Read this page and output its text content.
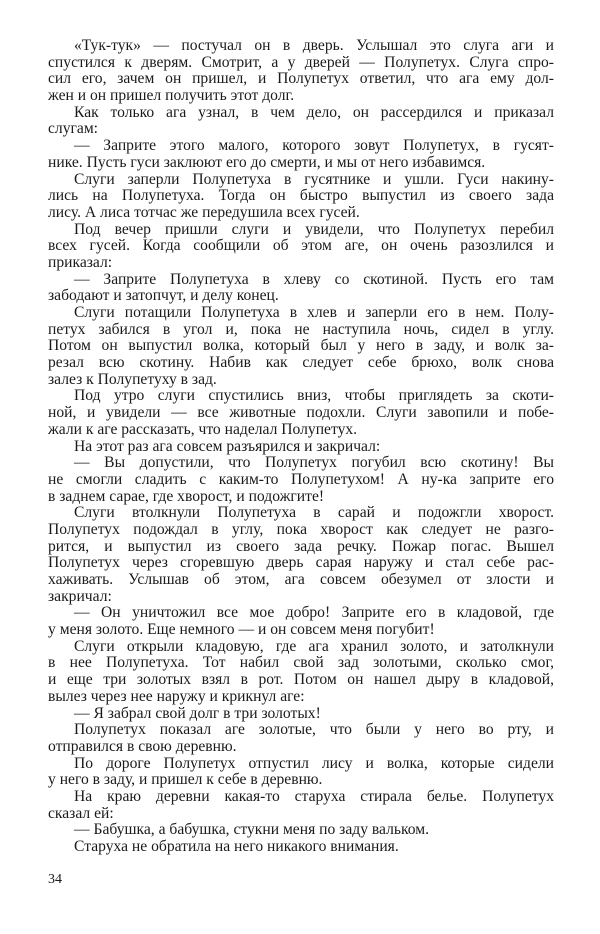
«Тук-тук» — постучал он в дверь. Услышал это слуга аги и
спустился к дверям. Смотрит, а у дверей — Полупетух. Слуга спро-
сил его, зачем он пришел, и Полупетух ответил, что ага ему дол-
жен и он пришел получить этот долг.
Как только ага узнал, в чем дело, он рассердился и приказал
слугам:
— Заприте этого малого, которого зовут Полупетух, в гусят-
нике. Пусть гуси заклюют его до смерти, и мы от него избавимся.
Слуги заперли Полупетуха в гусятнике и ушли. Гуси накину-
лись на Полупетуха. Тогда он быстро выпустил из своего зада
лису. А лиса тотчас же передушила всех гусей.
Под вечер пришли слуги и увидели, что Полупетух перебил
всех гусей. Когда сообщили об этом аге, он очень разозлился и
приказал:
— Заприте Полупетуха в хлеву со скотиной. Пусть его там
забодают и затопчут, и делу конец.
Слуги потащили Полупетуха в хлев и заперли его в нем. Полу-
петух забился в угол и, пока не наступила ночь, сидел в углу.
Потом он выпустил волка, который был у него в заду, и волк за-
резал всю скотину. Набив как следует себе брюхо, волк снова
залез к Полупетуху в зад.
Под утро слуги спустились вниз, чтобы приглядеть за скоти-
ной, и увидели — все животные подохли. Слуги завопили и побе-
жали к аге рассказать, что наделал Полупетух.
На этот раз ага совсем разъярился и закричал:
— Вы допустили, что Полупетух погубил всю скотину! Вы
не смогли сладить с каким-то Полупетухом! А ну-ка заприте его
в заднем сарае, где хворост, и подожгите!
Слуги втолкнули Полупетуха в сарай и подожгли хворост.
Полупетух подождал в углу, пока хворост как следует не разго-
рится, и выпустил из своего зада речку. Пожар погас. Вышел
Полупетух через сгоревшую дверь сарая наружу и стал себе рас-
хаживать. Услышав об этом, ага совсем обезумел от злости и
закричал:
— Он уничтожил все мое добро! Заприте его в кладовой, где
у меня золото. Еще немного — и он совсем меня погубит!
Слуги открыли кладовую, где ага хранил золото, и затолкнули
в нее Полупетуха. Тот набил свой зад золотыми, сколько смог,
и еще три золотых взял в рот. Потом он нашел дыру в кладовой,
вылез через нее наружу и крикнул аге:
— Я забрал свой долг в три золотых!
Полупетух показал аге золотые, что были у него во рту, и
отправился в свою деревню.
По дороге Полупетух отпустил лису и волка, которые сидели
у него в заду, и пришел к себе в деревню.
На краю деревни какая-то старуха стирала белье. Полупетух
сказал ей:
— Бабушка, а бабушка, стукни меня по заду вальком.
Старуха не обратила на него никакого внимания.
34
